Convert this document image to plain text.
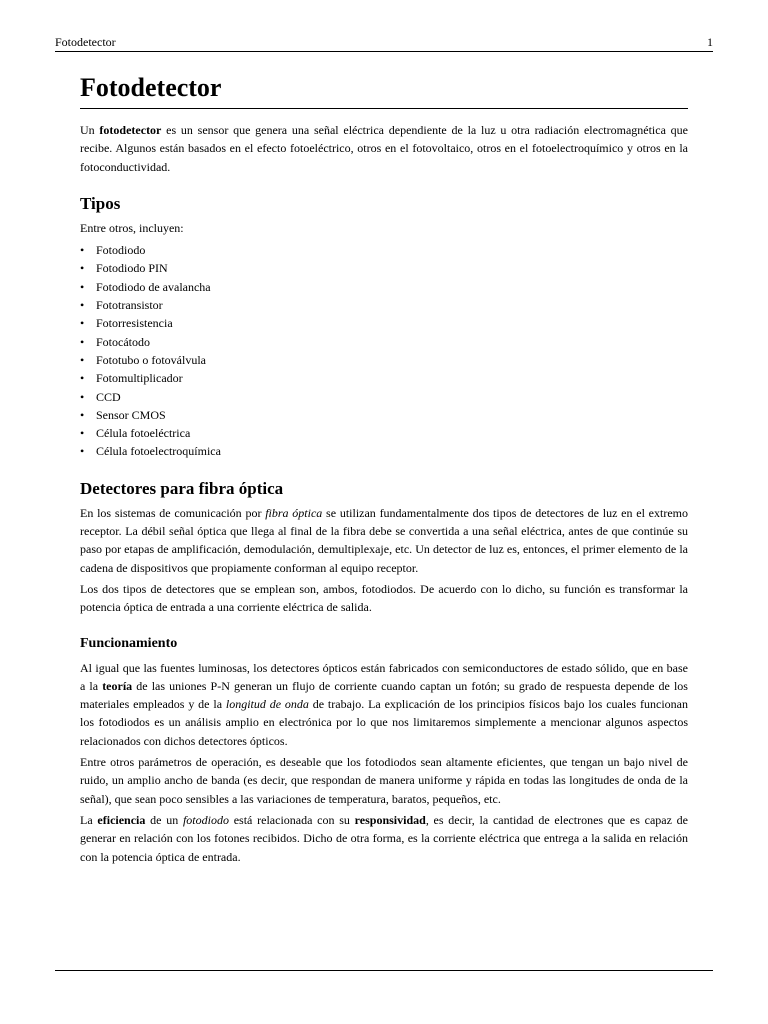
Fotodetector	1
Fotodetector

Un fotodetector es un sensor que genera una señal eléctrica dependiente de la luz u otra radiación electromagnética que recibe. Algunos están basados en el efecto fotoeléctrico, otros en el fotovoltaico, otros en el fotoelectroquímico y otros en la fotoconductividad.

Tipos

Entre otros, incluyen:

• Fotodiodo
• Fotodiodo PIN
• Fotodiodo de avalancha
• Fototransistor
• Fotorresistencia
• Fotocátodo
• Fototubo o fotoválvula
• Fotomultiplicador
• CCD
• Sensor CMOS
• Célula fotoeléctrica
• Célula fotoelectroquímica
Detectores para fibra óptica

En los sistemas de comunicación por fibra óptica se utilizan fundamentalmente dos tipos de detectores de luz en el extremo receptor. La débil señal óptica que llega al final de la fibra debe se convertida a una señal eléctrica, antes de que continúe su paso por etapas de amplificación, demodulación, demultiplexaje, etc. Un detector de luz es, entonces, el primer elemento de la cadena de dispositivos que propiamente conforman al equipo receptor.

Los dos tipos de detectores que se emplean son, ambos, fotodiodos. De acuerdo con lo dicho, su función es transformar la potencia óptica de entrada a una corriente eléctrica de salida.

Funcionamiento

Al igual que las fuentes luminosas, los detectores ópticos están fabricados con semiconductores de estado sólido, que en base a la teoría de las uniones P-N generan un flujo de corriente cuando captan un fotón; su grado de respuesta depende de los materiales empleados y de la longitud de onda de trabajo. La explicación de los principios físicos bajo los cuales funcionan los fotodiodos es un análisis amplio en electrónica por lo que nos limitaremos simplemente a mencionar algunos aspectos relacionados con dichos detectores ópticos.

Entre otros parámetros de operación, es deseable que los fotodiodos sean altamente eficientes, que tengan un bajo nivel de ruido, un amplio ancho de banda (es decir, que respondan de manera uniforme y rápida en todas las longitudes de onda de la señal), que sean poco sensibles a las variaciones de temperatura, baratos, pequeños, etc.

La eficiencia de un fotodiodo está relacionada con su responsividad, es decir, la cantidad de electrones que es capaz de generar en relación con los fotones recibidos. Dicho de otra forma, es la corriente eléctrica que entrega a la salida en relación con la potencia óptica de entrada.
